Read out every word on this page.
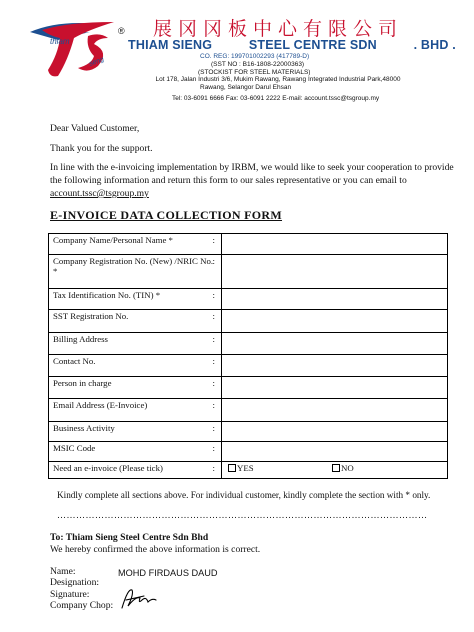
thiam
seng
® 展冈冈板中心有限公司
THIAM SIENG          STEEL CENTRE SDN          . BHD .
CO. REG: 199701002293 (417789-D)
(SST NO : B16-1808-22000363)
(STOCKIST FOR STEEL MATERIALS)
Lot 178, Jalan Industri 3/6, Mukim Rawang, Rawang Integrated Industrial Park,48000
Rawang, Selangor Darul Ehsan
Tel: 03-6091 6666 Fax: 03-6091 2222 E-mail: account.tssc@tsgroup.my
Dear Valued Customer,
Thank you for the support.
In line with the e-invoicing implementation by IRBM, we would like to seek your cooperation to provide the following information and return this form to our sales representative or you can email to account.tssc@tsgroup.my
E-INVOICE DATA COLLECTION FORM
Company Name/Personal Name * :	

Company Registration No. (New) /NRIC No. *
:	

Tax Identification No. (TIN) * :	

SST Registration No. :	

Billing Address :	

Contact No. :	

Person in charge :	

Email Address (E-Invoice) :	

Business Activity :	

MSIC Code :	

Need an e-invoice (Please tick) :	YES NO
Kindly complete all sections above. For individual customer, kindly complete the section with * only.
………………………………………………………………………………………………………
To: Thiam Sieng Steel Centre Sdn Bhd
We hereby confirmed the above information is correct.
Name:	MOHD FIRDAUS DAUD
Designation:
Signature:
Company Chop:
